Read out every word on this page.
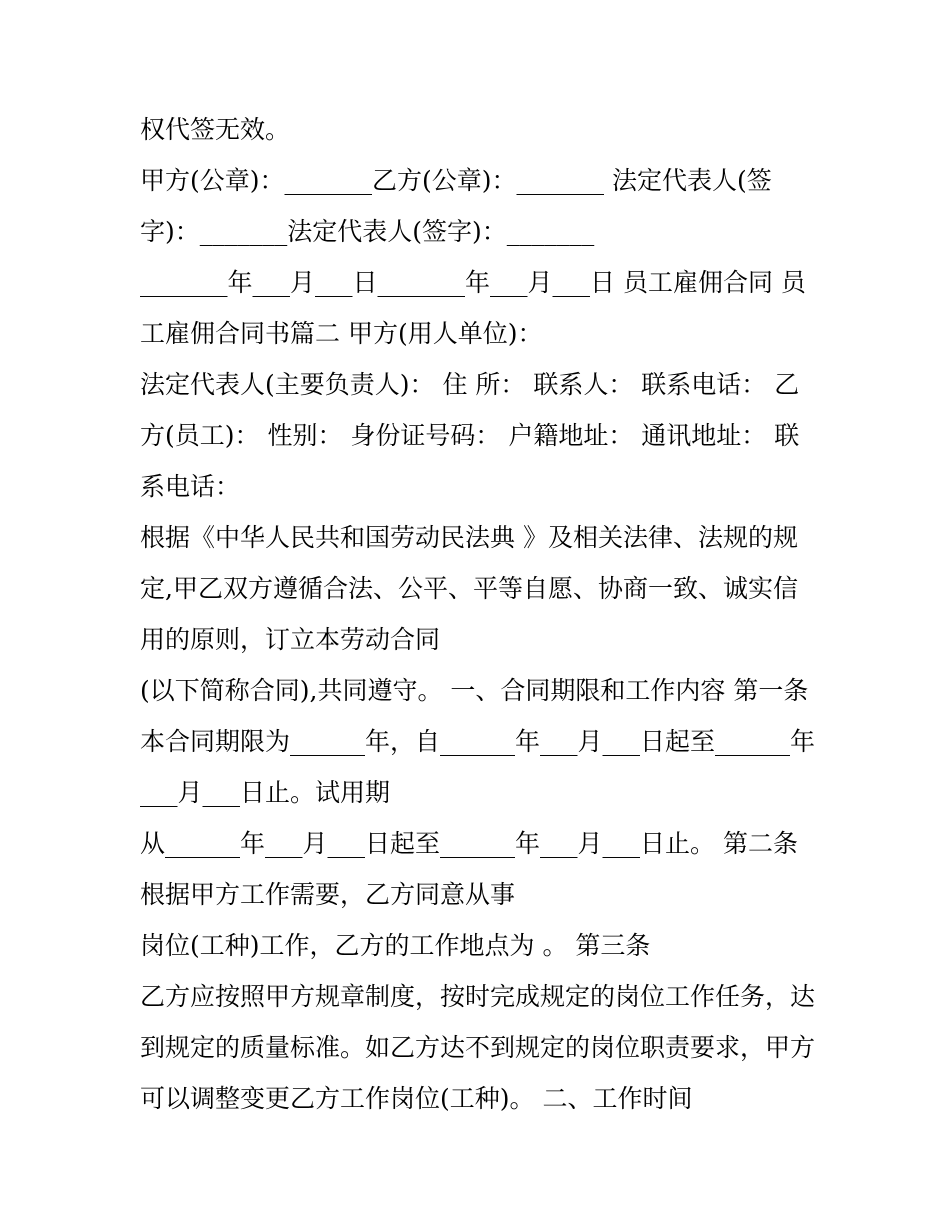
权代签无效。
甲方(公章)：_______乙方(公章)：_______ 法定代表人(签
字)：_______法定代表人(签字)：_______
_______年___月___日_______年___月___日 员工雇佣合同 员
工雇佣合同书篇二 甲方(用人单位)：
法定代表人(主要负责人)： 住 所： 联系人： 联系电话： 乙
方(员工)： 性别： 身份证号码： 户籍地址： 通讯地址： 联
系电话：
根据《中华人民共和国劳动民法典 》及相关法律、法规的规
定,甲乙双方遵循合法、公平、平等自愿、协商一致、诚实信
用的原则，订立本劳动合同
(以下简称合同),共同遵守。 一、合同期限和工作内容 第一条
本合同期限为______年，自______年___月___日起至______年
___月___日止。试用期
从______年___月___日起至______年___月___日止。 第二条
根据甲方工作需要，乙方同意从事
岗位(工种)工作，乙方的工作地点为 。 第三条
乙方应按照甲方规章制度，按时完成规定的岗位工作任务，达
到规定的质量标准。如乙方达不到规定的岗位职责要求，甲方
可以调整变更乙方工作岗位(工种)。 二、工作时间
